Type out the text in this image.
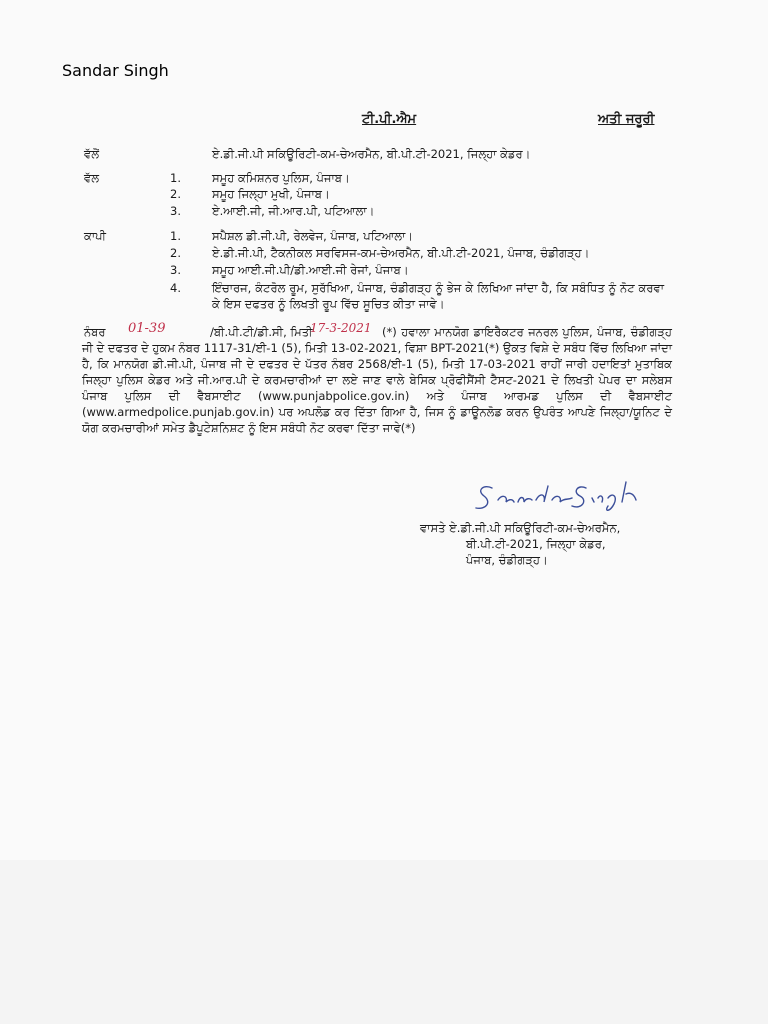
ਟੀ.ਪੀ.ਐਮ	ਅਤੀ ਜਰੂਰੀ
ਵੱਲੋਂ	ਏ.ਡੀ.ਜੀ.ਪੀ ਸਕਿਊਰਿਟੀ-ਕਮ-ਚੇਅਰਮੈਨ, ਬੀ.ਪੀ.ਟੀ-2021, ਜਿਲ੍ਹਾ ਕੇਡਰ।
ਵੱਲ	1.	ਸਮੂਹ ਕਮਿਸ਼ਨਰ ਪੁਲਿਸ, ਪੰਜਾਬ।
2.	ਸਮੂਹ ਜਿਲ੍ਹਾ ਮੁਖੀ, ਪੰਜਾਬ।
3.	ਏ.ਆਈ.ਜੀ, ਜੀ.ਆਰ.ਪੀ, ਪਟਿਆਲਾ।
ਕਾਪੀ	1.	ਸਪੈਸ਼ਲ ਡੀ.ਜੀ.ਪੀ, ਰੇਲਵੇਜ, ਪੰਜਾਬ, ਪਟਿਆਲਾ।
2.	ਏ.ਡੀ.ਜੀ.ਪੀ, ਟੈਕਨੀਕਲ ਸਰਵਿਸਜ-ਕਮ-ਚੇਅਰਮੈਨ, ਬੀ.ਪੀ.ਟੀ-2021, ਪੰਜਾਬ, ਚੰਡੀਗੜ੍ਹ।
3.	ਸਮੂਹ ਆਈ.ਜੀ.ਪੀ/ਡੀ.ਆਈ.ਜੀ ਰੇਜਾਂ, ਪੰਜਾਬ।
4.	ਇੰਚਾਰਜ, ਕੰਟਰੋਲ ਰੂਮ, ਸੁਰੱਖਿਆ, ਪੰਜਾਬ, ਚੰਡੀਗੜ੍ਹ ਨੂੰ ਭੇਜ ਕੇ ਲਿਖਿਆ ਜਾਂਦਾ ਹੈ, ਕਿ ਸਬੰਧਿਤ ਨੂੰ ਨੋਟ ਕਰਵਾ ਕੇ ਇਸ ਦਫਤਰ ਨੂੰ ਲਿਖਤੀ ਰੂਪ ਵਿੱਚ ਸੂਚਿਤ ਕੀਤਾ ਜਾਵੇ।
ਨੰਬਰ 01-39	/ਬੀ.ਪੀ.ਟੀ/ਡੀ.ਸੀ, ਮਿਤੀ
17-3-2021 (*) ਹਵਾਲਾ ਮਾਨਯੋਗ ਡਾਇਰੈਕਟਰ ਜਨਰਲ ਪੁਲਿਸ, ਪੰਜਾਬ, ਚੰਡੀਗੜ੍ਹ ਜੀ ਦੇ ਦਫਤਰ ਦੇ ਹੁਕਮ ਨੰਬਰ 1117-31/ਈ-1 (5), ਮਿਤੀ 13-02-2021, ਵਿਸ਼ਾ BPT-2021(*) ਉਕਤ ਵਿਸ਼ੇ ਦੇ ਸਬੰਧ ਵਿੱਚ ਲਿਖਿਆ ਜਾਂਦਾ ਹੈ, ਕਿ ਮਾਨਯੋਗ ਡੀ.ਜੀ.ਪੀ, ਪੰਜਾਬ ਜੀ ਦੇ ਦਫਤਰ ਦੇ ਪੱਤਰ ਨੰਬਰ 2568/ਈ-1 (5), ਮਿਤੀ 17-03-2021 ਰਾਹੀਂ ਜਾਰੀ ਹਦਾਇਤਾਂ ਮੁਤਾਬਿਕ ਜਿਲ੍ਹਾ ਪੁਲਿਸ ਕੇਡਰ ਅਤੇ ਜੀ.ਆਰ.ਪੀ ਦੇ ਕਰਮਚਾਰੀਆਂ ਦਾ ਲਏ ਜਾਣ ਵਾਲੇ ਬੇਸਿਕ ਪ੍ਰੋਫੀਸੈਂਸੀ ਟੈਸਟ-2021 ਦੇ ਲਿਖਤੀ ਪੇਪਰ ਦਾ ਸਲੇਬਸ ਪੰਜਾਬ ਪੁਲਿਸ ਦੀ ਵੈਬਸਾਈਟ (www.punjabpolice.gov.in) ਅਤੇ ਪੰਜਾਬ ਆਰਮਡ ਪੁਲਿਸ ਦੀ ਵੈਬਸਾਈਟ (www.armedpolice.punjab.gov.in) ਪਰ ਅਪਲੋਡ ਕਰ ਦਿੱਤਾ ਗਿਆ ਹੈ, ਜਿਸ ਨੂੰ ਡਾਊਨਲੋਡ ਕਰਨ ਉਪਰੰਤ ਆਪਣੇ ਜਿਲ੍ਹਾ/ਯੂਨਿਟ ਦੇ ਯੋਗ ਕਰਮਚਾਰੀਆਂ ਸਮੇਤ ਡੈਪੂਟੇਸ਼ਨਿਸ਼ਟ ਨੂੰ ਇਸ ਸਬੰਧੀ ਨੋਟ ਕਰਵਾ ਦਿੱਤਾ ਜਾਵੇ(*)
Sandar Singh
ਵਾਸਤੇ ਏ.ਡੀ.ਜੀ.ਪੀ ਸਕਿਊਰਿਟੀ-ਕਮ-ਚੇਅਰਮੈਨ,
ਬੀ.ਪੀ.ਟੀ-2021, ਜਿਲ੍ਹਾ ਕੇਡਰ,
ਪੰਜਾਬ, ਚੰਡੀਗੜ੍ਹ।
